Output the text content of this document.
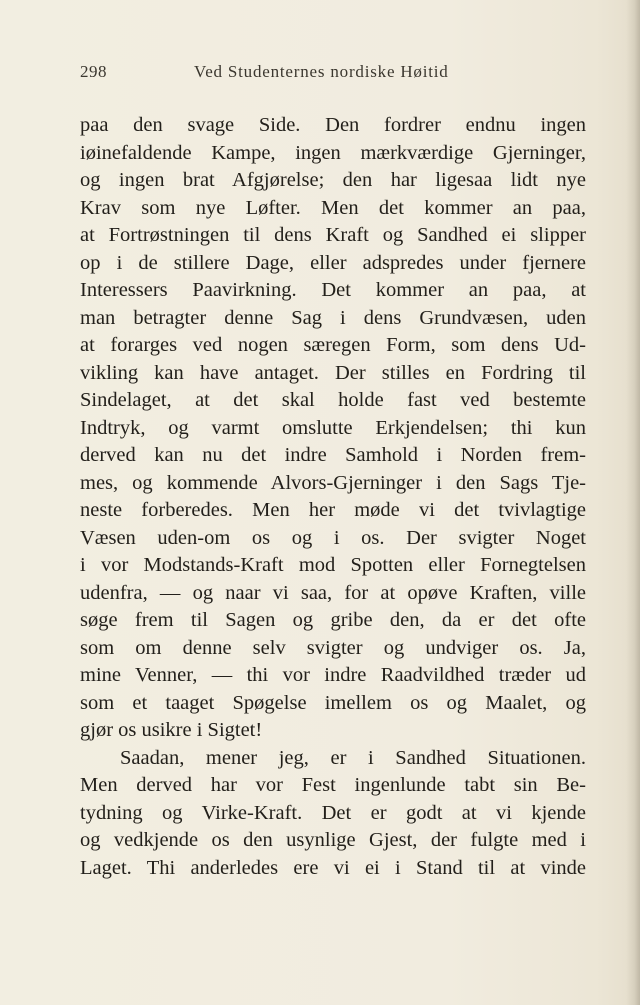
298	Ved Studenternes nordiske Høitid
paa den svage Side. Den fordrer endnu ingen
iøinefaldende Kampe, ingen mærkværdige Gjerninger,
og ingen brat Afgjørelse; den har ligesaa lidt nye
Krav som nye Løfter. Men det kommer an paa,
at Fortrøstningen til dens Kraft og Sandhed ei slipper
op i de stillere Dage, eller adspredes under fjernere
Interessers Paavirkning. Det kommer an paa, at
man betragter denne Sag i dens Grundvæsen, uden
at forarges ved nogen særegen Form, som dens Ud-
vikling kan have antaget. Der stilles en Fordring til
Sindelaget, at det skal holde fast ved bestemte
Indtryk, og varmt omslutte Erkjendelsen; thi kun
derved kan nu det indre Samhold i Norden frem-
mes, og kommende Alvors-Gjerninger i den Sags Tje-
neste forberedes. Men her møde vi det tvivlagtige
Væsen uden-om os og i os. Der svigter Noget
i vor Modstands-Kraft mod Spotten eller Fornegtelsen
udenfra, — og naar vi saa, for at opøve Kraften, ville
søge frem til Sagen og gribe den, da er det ofte
som om denne selv svigter og undviger os. Ja,
mine Venner, — thi vor indre Raadvildhed træder ud
som et taaget Spøgelse imellem os og Maalet, og
gjør os usikre i Sigtet!
Saadan, mener jeg, er i Sandhed Situationen.
Men derved har vor Fest ingenlunde tabt sin Be-
tydning og Virke-Kraft. Det er godt at vi kjende
og vedkjende os den usynlige Gjest, der fulgte med i
Laget. Thi anderledes ere vi ei i Stand til at vinde
